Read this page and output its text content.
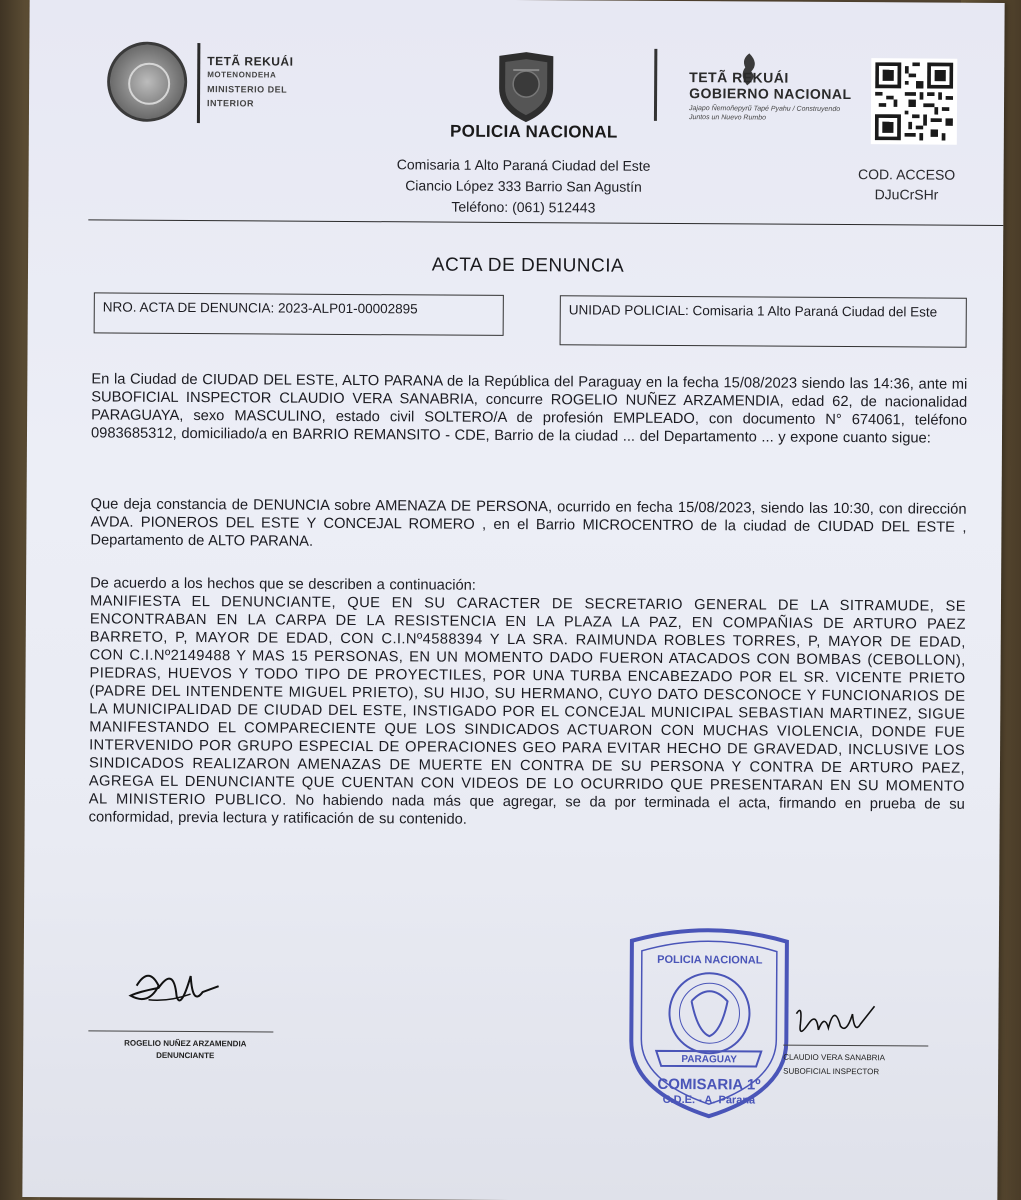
TETÃ REKUÁI
MOTENONDEHA
MINISTERIO DEL INTERIOR
POLICIA NACIONAL
TETÃ REKUÁI
GOBIERNO NACIONAL
Jajapo Ñemoñepyrũ Tapé Pyahu / Construyendo Juntos un Nuevo Rumbo
COD. ACCESO
DJuCrSHr
Comisaria 1 Alto Paraná Ciudad del Este
Ciancio López 333 Barrio San Agustín
Teléfono: (061) 512443
ACTA DE DENUNCIA
NRO. ACTA DE DENUNCIA: 2023-ALP01-00002895	UNIDAD POLICIAL: Comisaria 1 Alto Paraná Ciudad del Este
En la Ciudad de CIUDAD DEL ESTE, ALTO PARANA de la República del Paraguay en la fecha 15/08/2023 siendo las 14:36, ante mi SUBOFICIAL INSPECTOR CLAUDIO VERA SANABRIA, concurre ROGELIO NUÑEZ ARZAMENDIA, edad 62, de nacionalidad PARAGUAYA, sexo MASCULINO, estado civil SOLTERO/A de profesión EMPLEADO, con documento N° 674061, teléfono 0983685312, domiciliado/a en BARRIO REMANSITO - CDE, Barrio de la ciudad ... del Departamento ... y expone cuanto sigue:
Que deja constancia de DENUNCIA sobre AMENAZA DE PERSONA, ocurrido en fecha 15/08/2023, siendo las 10:30, con dirección AVDA. PIONEROS DEL ESTE Y CONCEJAL ROMERO , en el Barrio MICROCENTRO de la ciudad de CIUDAD DEL ESTE , Departamento de ALTO PARANA.
De acuerdo a los hechos que se describen a continuación:
MANIFIESTA EL DENUNCIANTE, QUE EN SU CARACTER DE SECRETARIO GENERAL DE LA SITRAMUDE, SE ENCONTRABAN EN LA CARPA DE LA RESISTENCIA EN LA PLAZA LA PAZ, EN COMPAÑIAS DE ARTURO PAEZ BARRETO, P, MAYOR DE EDAD, CON C.I.Nº4588394 Y LA SRA. RAIMUNDA ROBLES TORRES, P, MAYOR DE EDAD, CON C.I.Nº2149488 Y MAS 15 PERSONAS, EN UN MOMENTO DADO FUERON ATACADOS CON BOMBAS (CEBOLLON), PIEDRAS, HUEVOS Y TODO TIPO DE PROYECTILES, POR UNA TURBA ENCABEZADO POR EL SR. VICENTE PRIETO (PADRE DEL INTENDENTE MIGUEL PRIETO), SU HIJO, SU HERMANO, CUYO DATO DESCONOCE Y FUNCIONARIOS DE LA MUNICIPALIDAD DE CIUDAD DEL ESTE, INSTIGADO POR EL CONCEJAL MUNICIPAL SEBASTIAN MARTINEZ, SIGUE MANIFESTANDO EL COMPARECIENTE QUE LOS SINDICADOS ACTUARON CON MUCHAS VIOLENCIA, DONDE FUE INTERVENIDO POR GRUPO ESPECIAL DE OPERACIONES GEO PARA EVITAR HECHO DE GRAVEDAD, INCLUSIVE LOS SINDICADOS REALIZARON AMENAZAS DE MUERTE EN CONTRA DE SU PERSONA Y CONTRA DE ARTURO PAEZ, AGREGA EL DENUNCIANTE QUE CUENTAN CON VIDEOS DE LO OCURRIDO QUE PRESENTARAN EN SU MOMENTO AL MINISTERIO PUBLICO. No habiendo nada más que agregar, se da por terminada el acta, firmando en prueba de su conformidad, previa lectura y ratificación de su contenido.
ROGELIO NUÑEZ ARZAMENDIA
DENUNCIANTE
POLICIA NACIONAL
PARAGUAY
COMISARIA 1º
C.D.E. - A. Paraná
CLAUDIO VERA SANABRIA
SUBOFICIAL INSPECTOR
